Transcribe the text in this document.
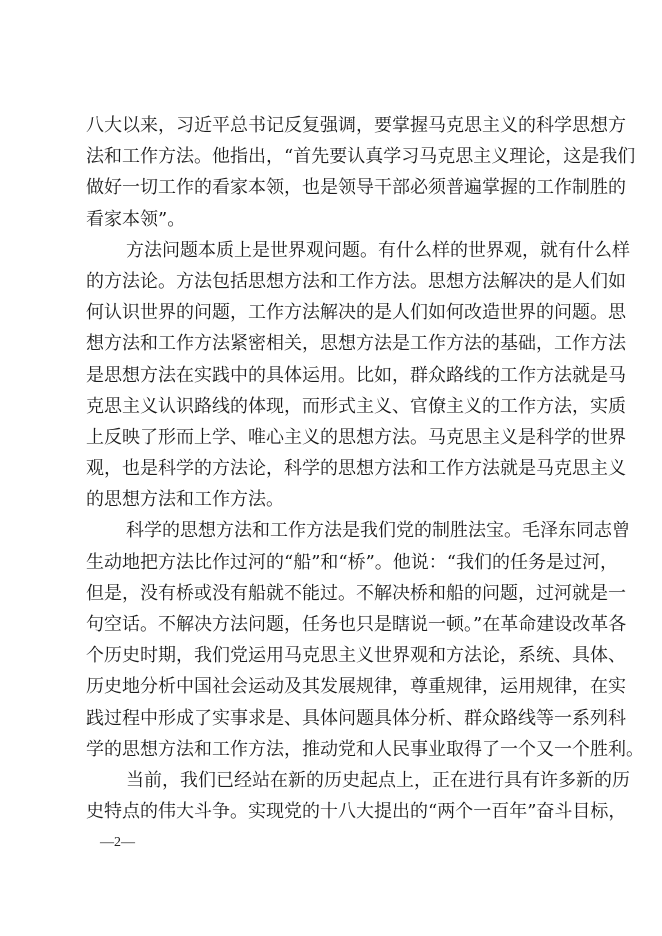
八大以来，习近平总书记反复强调，要掌握马克思主义的科学思想方
法和工作方法。他指出，“首先要认真学习马克思主义理论，这是我们
做好一切工作的看家本领，也是领导干部必须普遍掌握的工作制胜的
看家本领”。
方法问题本质上是世界观问题。有什么样的世界观，就有什么样
的方法论。方法包括思想方法和工作方法。思想方法解决的是人们如
何认识世界的问题，工作方法解决的是人们如何改造世界的问题。思
想方法和工作方法紧密相关，思想方法是工作方法的基础，工作方法
是思想方法在实践中的具体运用。比如，群众路线的工作方法就是马
克思主义认识路线的体现，而形式主义、官僚主义的工作方法，实质
上反映了形而上学、唯心主义的思想方法。马克思主义是科学的世界
观，也是科学的方法论，科学的思想方法和工作方法就是马克思主义
的思想方法和工作方法。
科学的思想方法和工作方法是我们党的制胜法宝。毛泽东同志曾
生动地把方法比作过河的“船”和“桥”。他说：“我们的任务是过河，
但是，没有桥或没有船就不能过。不解决桥和船的问题，过河就是一
句空话。不解决方法问题，任务也只是瞎说一顿。”在革命建设改革各
个历史时期，我们党运用马克思主义世界观和方法论，系统、具体、
历史地分析中国社会运动及其发展规律，尊重规律，运用规律，在实
践过程中形成了实事求是、具体问题具体分析、群众路线等一系列科
学的思想方法和工作方法，推动党和人民事业取得了一个又一个胜利。
当前，我们已经站在新的历史起点上，正在进行具有许多新的历
史特点的伟大斗争。实现党的十八大提出的“两个一百年”奋斗目标，
—2—
